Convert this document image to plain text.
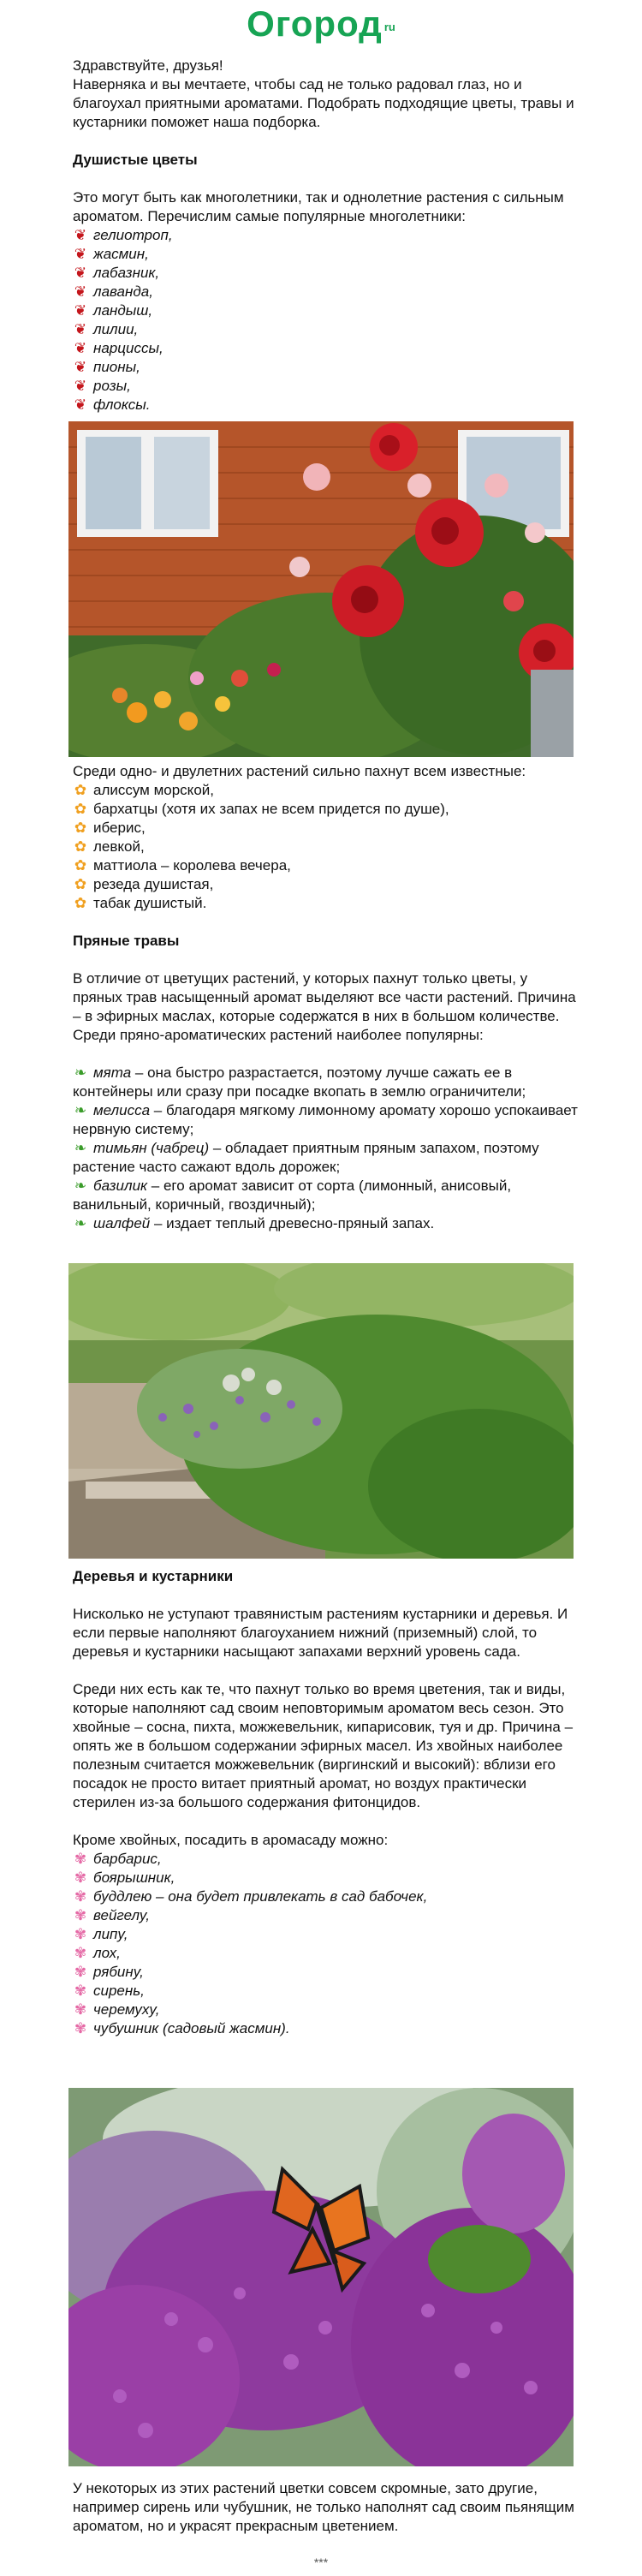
Огород $^{ru}$

Здравствуйте, друзья!

Наверняка и вы мечтаете, чтобы сад не только радовал глаз, но и благоухал приятными ароматами. Подобрать подходящие цветы, травы и кустарники поможет наша подборка.

Душистые цветы

Это могут быть как многолетники, так и однолетние растения с сильным ароматом. Перечислим самые популярные многолетники:

❦ гелиотроп,
❦ жасмин,
❦ лабазник,
❦ лаванда,
❦ ландыш,
❦ лилии,
❦ нарциссы,
❦ пионы,
❦ розы,
❦ флоксы.

Среди одно- и двулетних растений сильно пахнут всем известные:

✿ алиссум морской,
✿ бархатцы (хотя их запах не всем придется по душе),
✿ иберис,
✿ левкой,
✿ маттиола – королева вечера,
✿ резеда душистая,
✿ табак душистый.
Пряные травы

В отличие от цветущих растений, у которых пахнут только цветы, у пряных трав насыщенный аромат выделяют все части растений. Причина – в эфирных маслах, которые содержатся в них в большом количестве. Среди пряно-ароматических растений наиболее популярны:

❧ мята – она быстро разрастается, поэтому лучше сажать ее в контейнеры или сразу при посадке вкопать в землю ограничители;
❧ мелисса – благодаря мягкому лимонному аромату хорошо успокаивает нервную систему;
❧ тимьян (чабрец) – обладает приятным пряным запахом, поэтому растение часто сажают вдоль дорожек;
❧ базилик – его аромат зависит от сорта (лимонный, анисовый, ванильный, коричный, гвоздичный);
❧ шалфей – издает теплый древесно-пряный запах.
Деревья и кустарники

Нисколько не уступают травянистым растениям кустарники и деревья. И если первые наполняют благоуханием нижний (приземный) слой, то деревья и кустарники насыщают запахами верхний уровень сада.

Среди них есть как те, что пахнут только во время цветения, так и виды, которые наполняют сад своим неповторимым ароматом весь сезон. Это хвойные – сосна, пихта, можжевельник, кипарисовик, туя и др. Причина – опять же в большом содержании эфирных масел. Из хвойных наиболее полезным считается можжевельник (виргинский и высокий): вблизи его посадок не просто витает приятный аромат, но воздух практически стерилен из-за большого содержания фитонцидов.

Кроме хвойных, посадить в аромасаду можно:

✾ барбарис,
✾ боярышник,
✾ буддлею – она будет привлекать в сад бабочек,
✾ вейгелу,
✾ липу,
✾ лох,
✾ рябину,
✾ сирень,
✾ черемуху,
✾ чубушник (садовый жасмин).

У некоторых из этих растений цветки совсем скромные, зато другие, например сирень или чубушник, не только наполнят сад своим пьянящим ароматом, но и украсят прекрасным цветением.

***
